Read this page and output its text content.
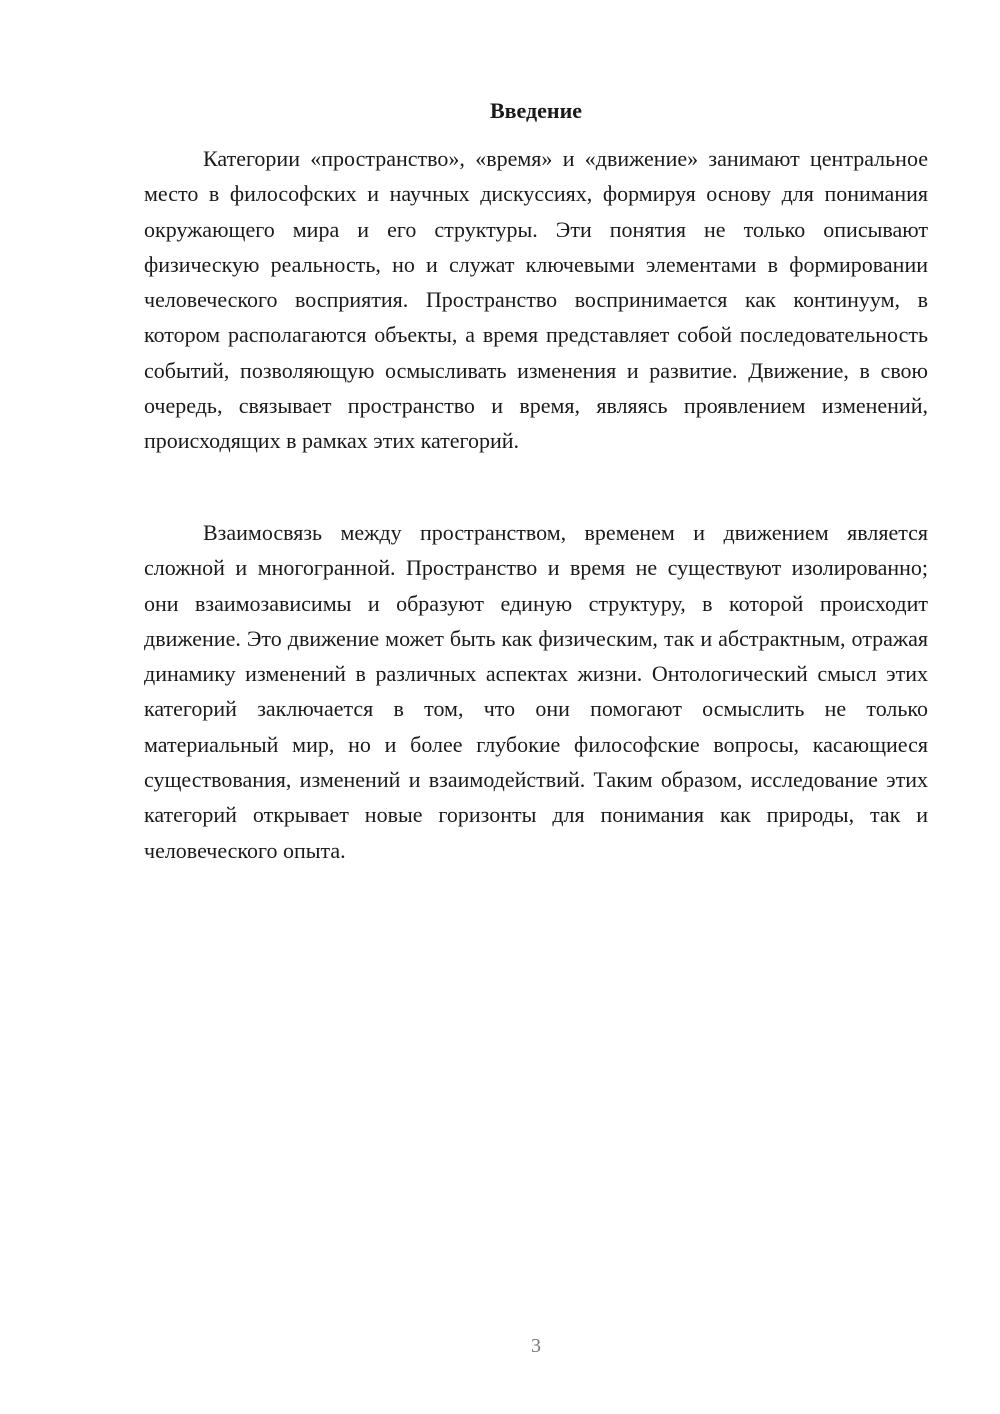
Введение

Категории «пространство», «время» и «движение» занимают центральное место в философских и научных дискуссиях, формируя основу для понимания окружающего мира и его структуры. Эти понятия не только описывают физическую реальность, но и служат ключевыми элементами в формировании человеческого восприятия. Пространство воспринимается как континуум, в котором располагаются объекты, а время представляет собой последовательность событий, позволяющую осмысливать изменения и развитие. Движение, в свою очередь, связывает пространство и время, являясь проявлением изменений, происходящих в рамках этих категорий.

Взаимосвязь между пространством, временем и движением является сложной и многогранной. Пространство и время не существуют изолированно; они взаимозависимы и образуют единую структуру, в которой происходит движение. Это движение может быть как физическим, так и абстрактным, отражая динамику изменений в различных аспектах жизни. Онтологический смысл этих категорий заключается в том, что они помогают осмыслить не только материальный мир, но и более глубокие философские вопросы, касающиеся существования, изменений и взаимодействий. Таким образом, исследование этих категорий открывает новые горизонты для понимания как природы, так и человеческого опыта.

3
